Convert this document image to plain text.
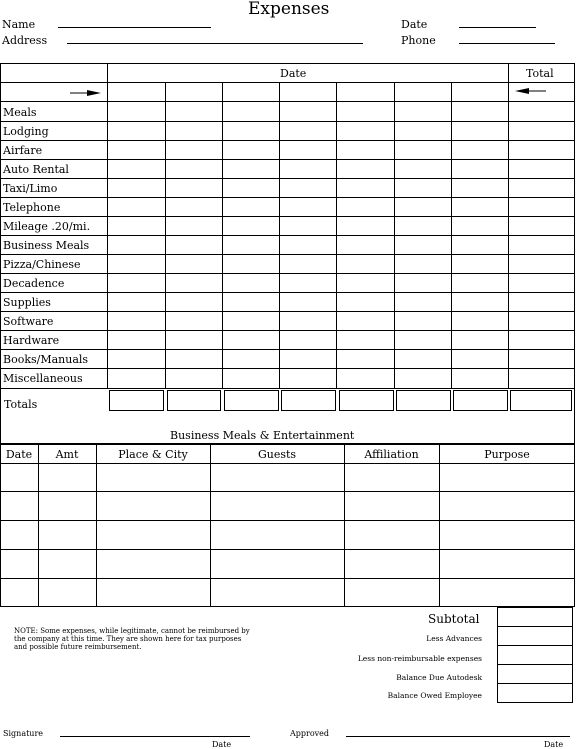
Expenses
Name
Address
Date
Phone
Date	Total
Meals
Lodging
Airfare
Auto Rental
Taxi/Limo
Telephone
Mileage .20/mi.
Business Meals
Pizza/Chinese
Decadence
Supplies
Software
Hardware
Books/Manuals
Miscellaneous
Totals
Business Meals & Entertainment
Date	Amt	Place & City	Guests	Affiliation	Purpose
NOTE: Some expenses, while legitimate, cannot be reimbursed by the company at this time. They are shown here for tax purposes and possible future reimbursement.
Subtotal
Less Advances
Less non-reimbursable expenses
Balance Due Autodesk
Balance Owed Employee
Signature
Date
Approved
Date
